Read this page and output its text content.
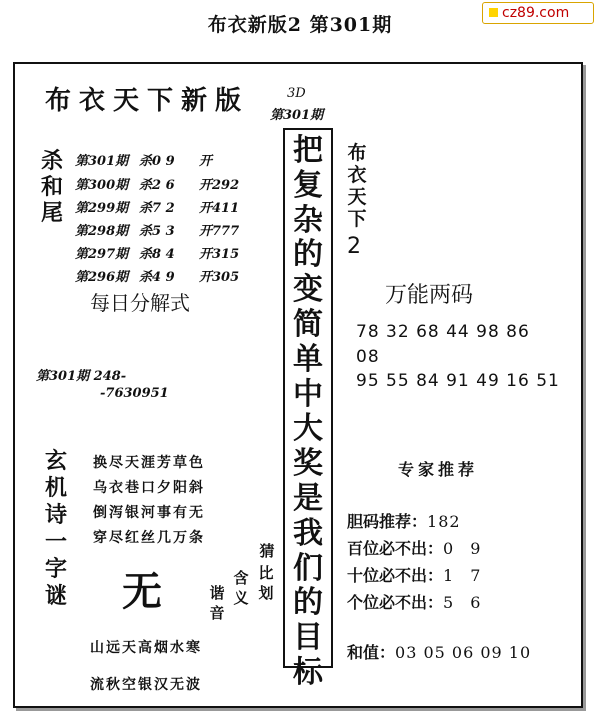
布衣新版2 第301期
cz89.com
布衣天下新版	3D
第301期
杀
和
尾
第301期 杀0 9 开
第300期 杀2 6 开292
第299期 杀7 2 开411
第298期 杀5 3 开777
第297期 杀8 4 开315
第296期 杀4 9 开305
每日分解式
第301期 248-
-7630951
玄
机
诗
一
字
谜
换尽天涯芳草色
乌衣巷口夕阳斜
倒泻银河事有无
穿尽红丝几万条
无
猜
比
划
含
义
谐
音
山远天高烟水寒
流秋空银汉无波
把
复
杂
的
变
简
单
中
大
奖
是
我
们
的
目
标
布
衣
天
下
2
万能两码
78 32 68 44 98 86
08
95 55 84 91 49 16 51
专家推荐
胆码推荐：182
百位必不出：0 9
十位必不出：1 7
个位必不出：5 6
和值：03 05 06 09 10
